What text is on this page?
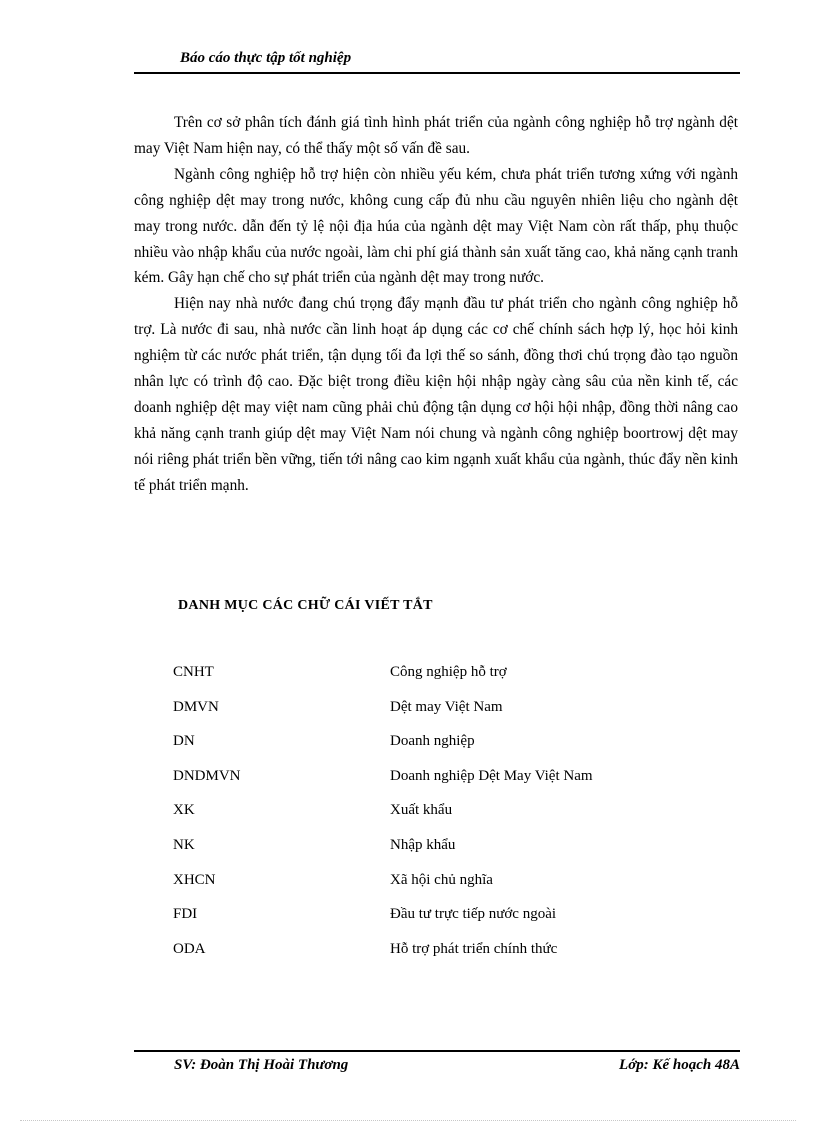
Báo cáo thực tập tốt nghiệp

Trên cơ sở phân tích đánh giá tình hình phát triển của ngành công nghiệp hỗ trợ ngành dệt may Việt Nam hiện nay, có thể thấy một số vấn đề sau.

Ngành công nghiệp hỗ trợ hiện còn nhiều yếu kém, chưa phát triển tương xứng với ngành công nghiệp dệt may trong nước, không cung cấp đủ nhu cầu nguyên nhiên liệu cho ngành dệt may trong nước. dẫn đến tỷ lệ nội địa húa của ngành dệt may Việt Nam còn rất thấp, phụ thuộc nhiều vào nhập khẩu của nước ngoài, làm chi phí giá thành sản xuất tăng cao, khả năng cạnh tranh kém. Gây hạn chế cho sự phát triển của ngành dệt may trong nước.

Hiện nay nhà nước đang chú trọng đẩy mạnh đầu tư phát triển cho ngành công nghiệp hỗ trợ. Là nước đi sau, nhà nước cần linh hoạt áp dụng các cơ chế chính sách hợp lý, học hỏi kinh nghiệm từ các nước phát triển, tận dụng tối đa lợi thế so sánh, đồng thơi chú trọng đào tạo nguồn nhân lực có trình độ cao. Đặc biệt trong điều kiện hội nhập ngày càng sâu của nền kinh tế, các doanh nghiệp dệt may việt nam cũng phải chủ động tận dụng cơ hội hội nhập, đồng thời nâng cao khả năng cạnh tranh giúp dệt may Việt Nam nói chung và ngành công nghiệp boortrowj dệt may nói riêng phát triển bền vững, tiến tới nâng cao kim ngạnh xuất khẩu của ngành, thúc đẩy nền kinh tế phát triển mạnh.

DANH MỤC CÁC CHỮ CÁI VIẾT TẮT
CNHT	Công nghiệp hỗ trợ
DMVN	Dệt may Việt Nam
DN	Doanh nghiệp
DNDMVN	Doanh nghiệp Dệt May Việt Nam
XK	Xuất khẩu
NK	Nhập khẩu
XHCN	Xã hội chủ nghĩa
FDI	Đầu tư trực tiếp nước ngoài
ODA	Hỗ trợ phát triển chính thức
SV: Đoàn Thị Hoài Thương	Lớp: Kế hoạch 48A
